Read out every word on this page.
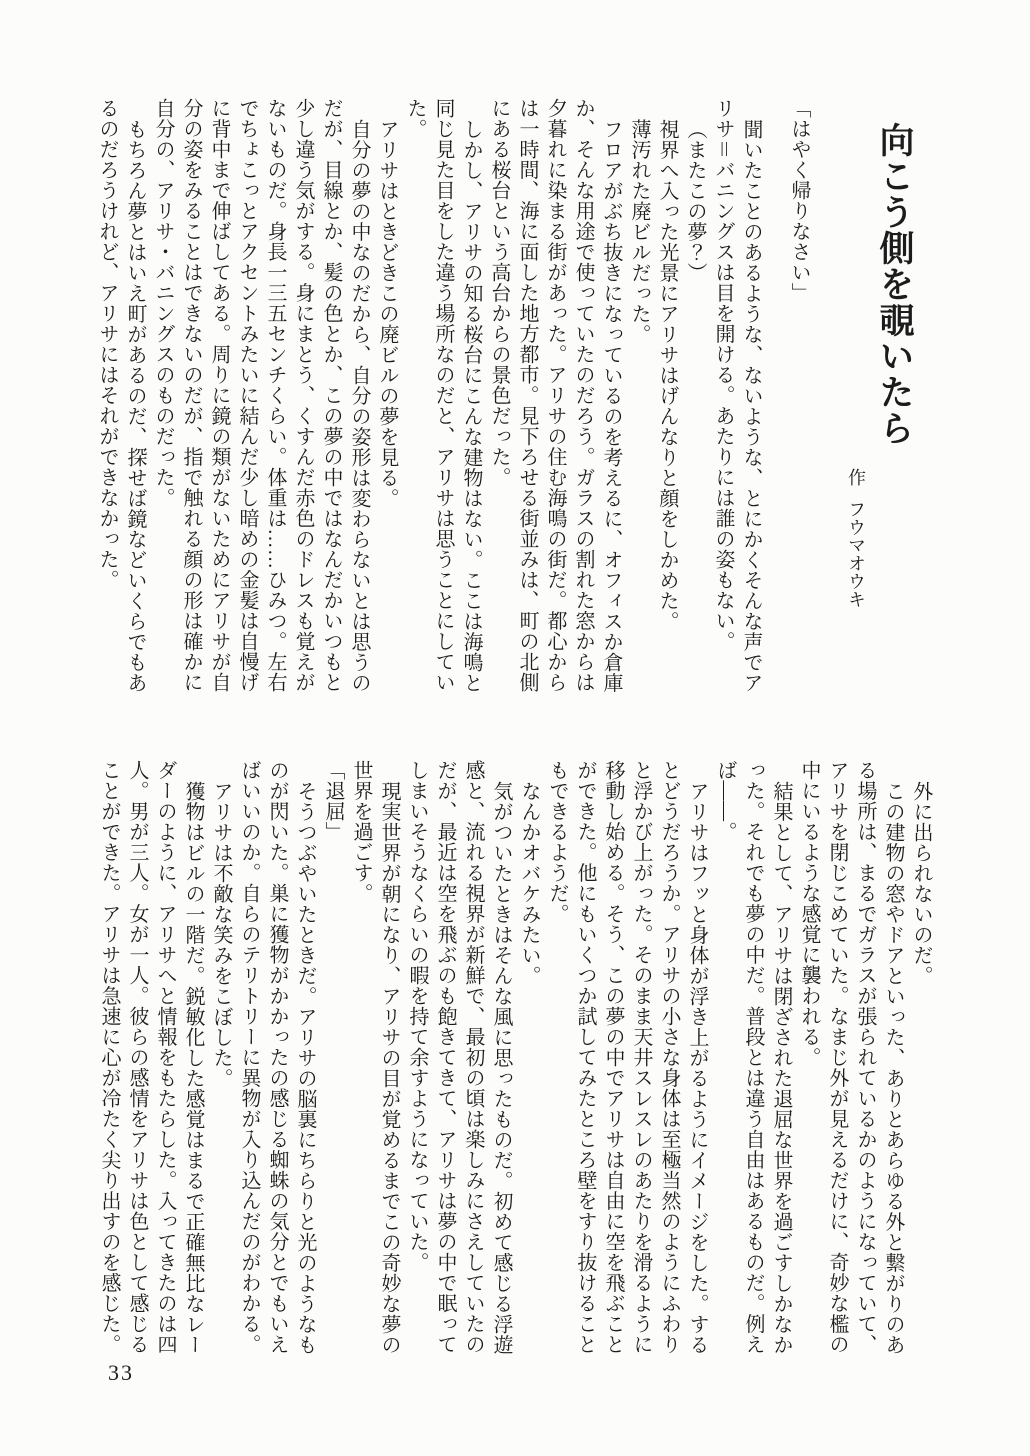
向こう側を覗いたら
作フウマオウキ
「はやく帰りなさい」
聞いたことのあるような、ないような、とにかくそんな声でア
リサ＝バニングスは目を開ける。あたりには誰の姿もない。
（またこの夢？）
視界へ入った光景にアリサはげんなりと顔をしかめた。
薄汚れた廃ビルだった。
フロアがぶち抜きになっているのを考えるに、オフィスか倉庫
か、そんな用途で使っていたのだろう。ガラスの割れた窓からは
夕暮れに染まる街があった。アリサの住む海鳴の街だ。都心から
は一時間、海に面した地方都市。見下ろせる街並みは、町の北側
にある桜台という高台からの景色だった。
しかし、アリサの知る桜台にこんな建物はない。ここは海鳴と
同じ見た目をした違う場所なのだと、アリサは思うことにしてい
た。
アリサはときどきこの廃ビルの夢を見る。
自分の夢の中なのだから、自分の姿形は変わらないとは思うの
だが、目線とか、髪の色とか、この夢の中ではなんだかいつもと
少し違う気がする。身にまとう、くすんだ赤色のドレスも覚えが
ないものだ。身長一三五センチくらい。体重は……ひみつ。左右
でちょこっとアクセントみたいに結んだ少し暗めの金髪は自慢げ
に背中まで伸ばしてある。周りに鏡の類がないためにアリサが自
分の姿をみることはできないのだが、指で触れる顔の形は確かに
自分の、アリサ・バニングスのものだった。
もちろん夢とはいえ町があるのだ、探せば鏡などいくらでもあ
るのだろうけれど、アリサにはそれができなかった。
外に出られないのだ。
この建物の窓やドアといった、ありとあらゆる外と繋がりのあ
る場所は、まるでガラスが張られているかのようになっていて、
アリサを閉じこめていた。なまじ外が見えるだけに、奇妙な檻の
中にいるような感覚に襲われる。
結果として、アリサは閉ざされた退屈な世界を過ごすしかなか
った。それでも夢の中だ。普段とは違う自由はあるものだ。例え
ば――。
アリサはフッと身体が浮き上がるようにイメージをした。する
とどうだろうか。アリサの小さな身体は至極当然のようにふわり
と浮かび上がった。そのまま天井スレスレのあたりを滑るように
移動し始める。そう、この夢の中でアリサは自由に空を飛ぶこと
ができた。他にもいくつか試してみたところ壁をすり抜けること
もできるようだ。
なんかオバケみたい。
気がついたときはそんな風に思ったものだ。初めて感じる浮遊
感と、流れる視界が新鮮で、最初の頃は楽しみにさえしていたの
だが、最近は空を飛ぶのも飽きてきて、アリサは夢の中で眠って
しまいそうなくらいの暇を持て余すようになっていた。
現実世界が朝になり、アリサの目が覚めるまでこの奇妙な夢の
世界を過ごす。
「退屈」
そうつぶやいたときだ。アリサの脳裏にちらりと光のようなも
のが閃いた。巣に獲物がかかったの感じる蜘蛛の気分とでもいえ
ばいいのか。自らのテリトリーに異物が入り込んだのがわかる。
アリサは不敵な笑みをこぼした。
獲物はビルの一階だ。鋭敏化した感覚はまるで正確無比なレー
ダーのように、アリサへと情報をもたらした。入ってきたのは四
人。男が三人。女が一人。彼らの感情をアリサは色として感じる
ことができた。アリサは急速に心が冷たく尖り出すのを感じた。
33
